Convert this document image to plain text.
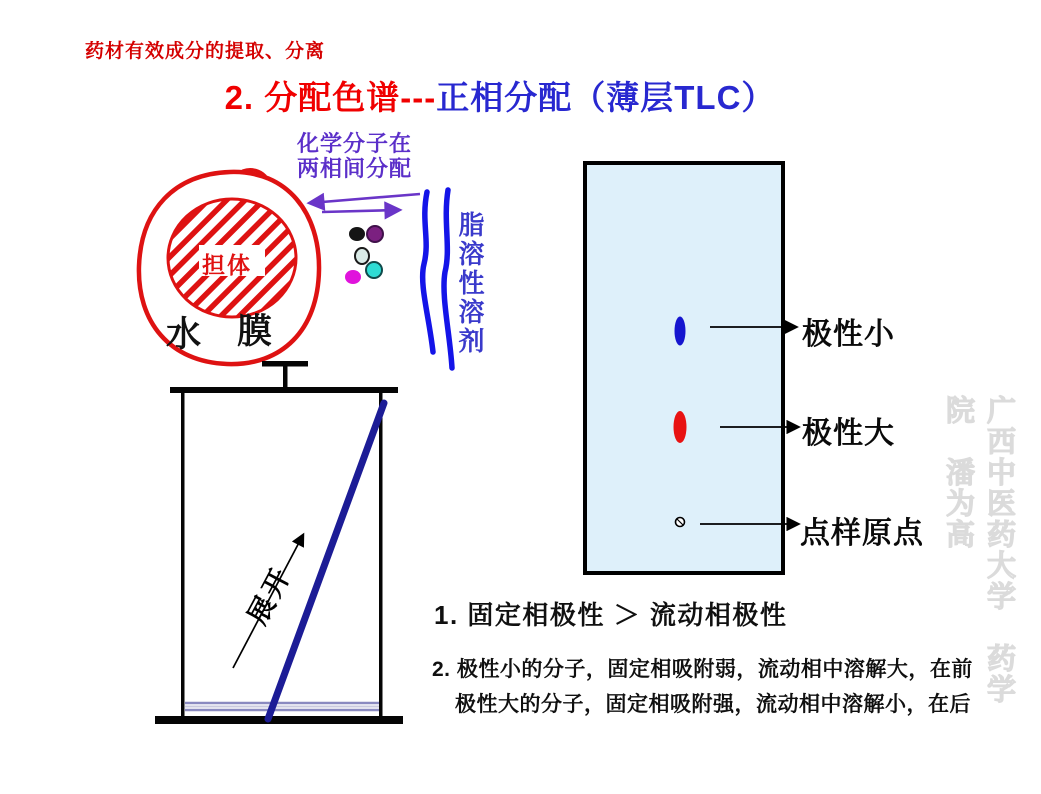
药材有效成分的提取、分离
2. 分配色谱---正相分配（薄层TLC）
化学分子在
两相间分配
担体
水 膜	脂溶性溶剂
展开
极性小
极性大
点样原点
1. 固定相极性 ＞ 流动相极性
2. 极性小的分子，固定相吸附弱，流动相中溶解大，在前
极性大的分子，固定相吸附强，流动相中溶解小，在后 广西中医药大学　药学院　潘为高
